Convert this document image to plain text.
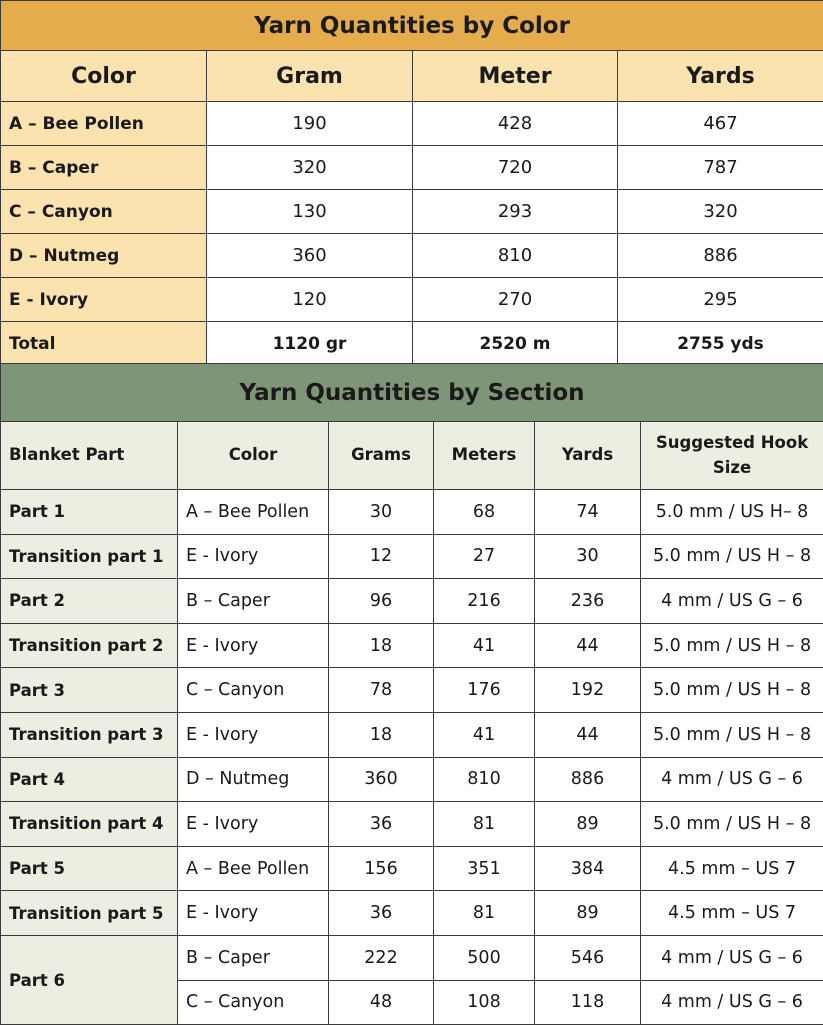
Yarn Quantities by Color			
Color	Gram	Meter	Yards
A – Bee Pollen	190	428	467
B – Caper	320	720	787
C – Canyon	130	293	320
D – Nutmeg	360	810	886
E - Ivory	120	270	295
Total	1120 gr	2520 m	2755 yds
Yarn Quantities by Section					
Blanket Part	Color	Grams	Meters	Yards	Suggested Hook Size
Part 1	A – Bee Pollen	30	68	74	5.0 mm / US H– 8
Transition part 1	E - Ivory	12	27	30	5.0 mm / US H – 8
Part 2	B – Caper	96	216	236	4 mm / US G – 6
Transition part 2	E - Ivory	18	41	44	5.0 mm / US H – 8
Part 3	C – Canyon	78	176	192	5.0 mm / US H – 8
Transition part 3	E - Ivory	18	41	44	5.0 mm / US H – 8
Part 4	D – Nutmeg	360	810	886	4 mm / US G – 6
Transition part 4	E - Ivory	36	81	89	5.0 mm / US H – 8
Part 5	A – Bee Pollen	156	351	384	4.5 mm – US 7
Transition part 5	E - Ivory	36	81	89	4.5 mm – US 7
Part 6	B – Caper	222	500	546	4 mm / US G – 6
	C – Canyon	48	108	118	4 mm / US G – 6
